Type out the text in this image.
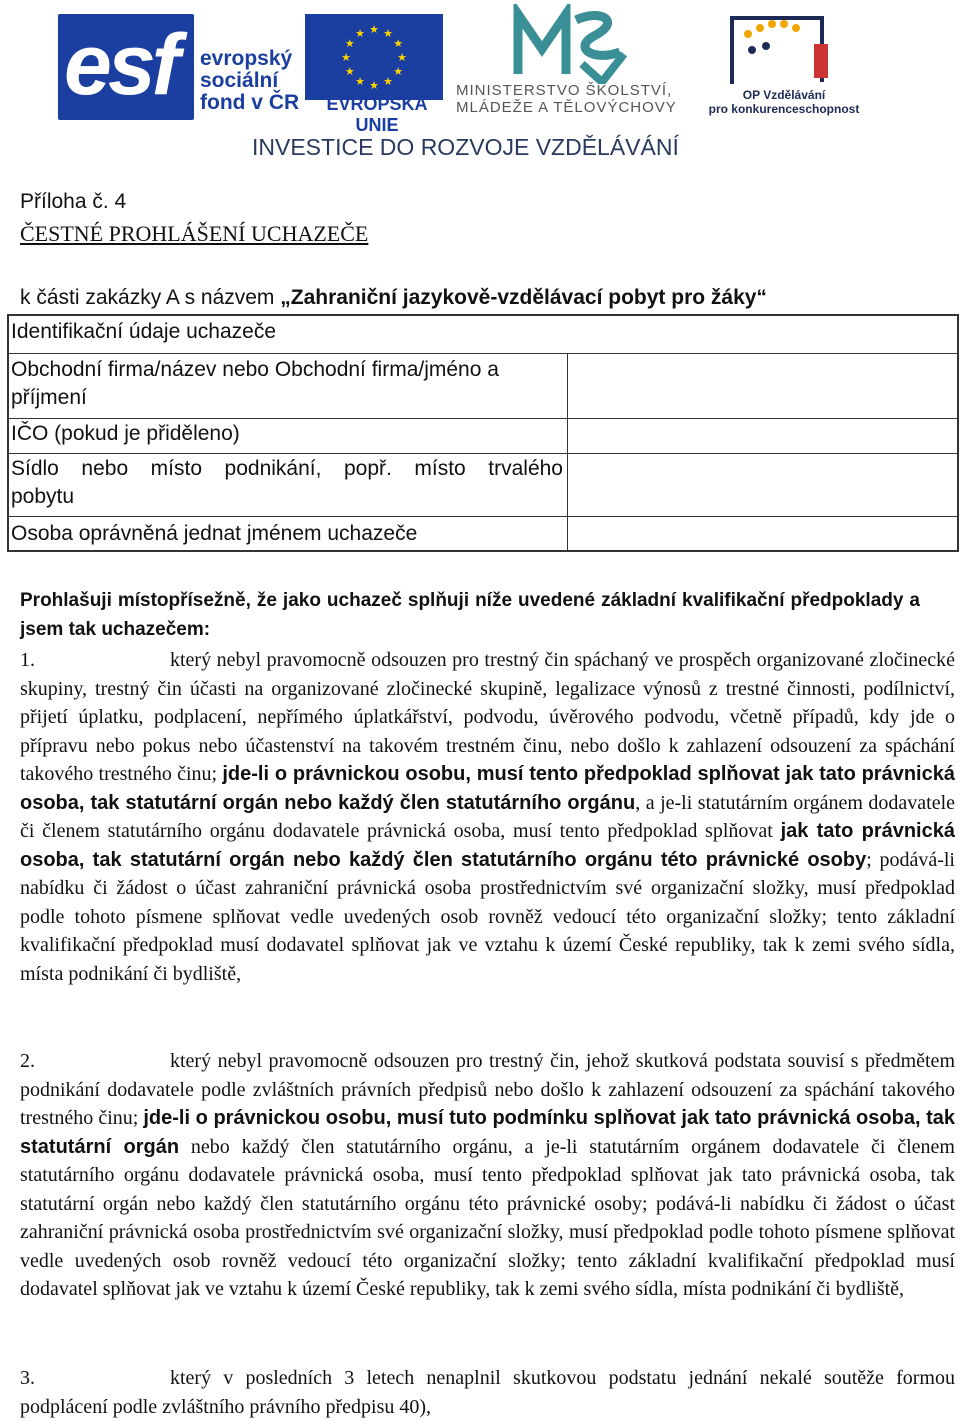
esf evropský
sociální
fond v ČR
★
★
★
★
★
★
★
★
★ ★ ★
★
EVROPSKÁ UNIE
MINISTERSTVO ŠKOLSTVÍ,
MLÁDEŽE A TĚLOVÝCHOVY
OP Vzdělávání
pro konkurenceschopnost
INVESTICE DO ROZVOJE VZDĚLÁVÁNÍ
Příloha č. 4
ČESTNÉ PROHLÁŠENÍ UCHAZEČE
k části zakázky A s názvem „Zahraniční jazykově-vzdělávací pobyt pro žáky“
Identifikační údaje uchazeče
Obchodní firma/název nebo Obchodní firma/jméno a
příjmení
IČO (pokud je přiděleno)
Sídlo nebo místo podnikání, popř. místo trvalého
pobytu
Osoba oprávněná jednat jménem uchazeče
Prohlašuji místopřísežně, že jako uchazeč splňuji níže uvedené základní kvalifikační předpoklady a jsem tak uchazečem:
1.	který nebyl pravomocně odsouzen pro trestný čin spáchaný ve prospěch organizované zločinecké skupiny, trestný čin účasti na organizované zločinecké skupině, legalizace výnosů z trestné činnosti, podílnictví, přijetí úplatku, podplacení, nepřímého úplatkářství, podvodu, úvěrového podvodu, včetně případů, kdy jde o přípravu nebo pokus nebo účastenství na takovém trestném činu, nebo došlo k zahlazení odsouzení za spáchání takového trestného činu; jde-li o právnickou osobu, musí tento předpoklad splňovat jak tato právnická osoba, tak statutární orgán nebo každý člen statutárního orgánu, a je-li statutárním orgánem dodavatele či členem statutárního orgánu dodavatele právnická osoba, musí tento předpoklad splňovat jak tato právnická osoba, tak statutární orgán nebo každý člen statutárního orgánu této právnické osoby; podává-li nabídku či žádost o účast zahraniční právnická osoba prostřednictvím své organizační složky, musí předpoklad podle tohoto písmene splňovat vedle uvedených osob rovněž vedoucí této organizační složky; tento základní kvalifikační předpoklad musí dodavatel splňovat jak ve vztahu k území České republiky, tak k zemi svého sídla, místa podnikání či bydliště,
2.	který nebyl pravomocně odsouzen pro trestný čin, jehož skutková podstata souvisí s předmětem podnikání dodavatele podle zvláštních právních předpisů nebo došlo k zahlazení odsouzení za spáchání takového trestného činu; jde-li o právnickou osobu, musí tuto podmínku splňovat jak tato právnická osoba, tak statutární orgán nebo každý člen statutárního orgánu, a je-li statutárním orgánem dodavatele či členem statutárního orgánu dodavatele právnická osoba, musí tento předpoklad splňovat jak tato právnická osoba, tak statutární orgán nebo každý člen statutárního orgánu této právnické osoby; podává-li nabídku či žádost o účast zahraniční právnická osoba prostřednictvím své organizační složky, musí předpoklad podle tohoto písmene splňovat vedle uvedených osob rovněž vedoucí této organizační složky; tento základní kvalifikační předpoklad musí dodavatel splňovat jak ve vztahu k území České republiky, tak k zemi svého sídla, místa podnikání či bydliště,
3.	který v posledních 3 letech nenaplnil skutkovou podstatu jednání nekalé soutěže formou podplácení podle zvláštního právního předpisu 40),
